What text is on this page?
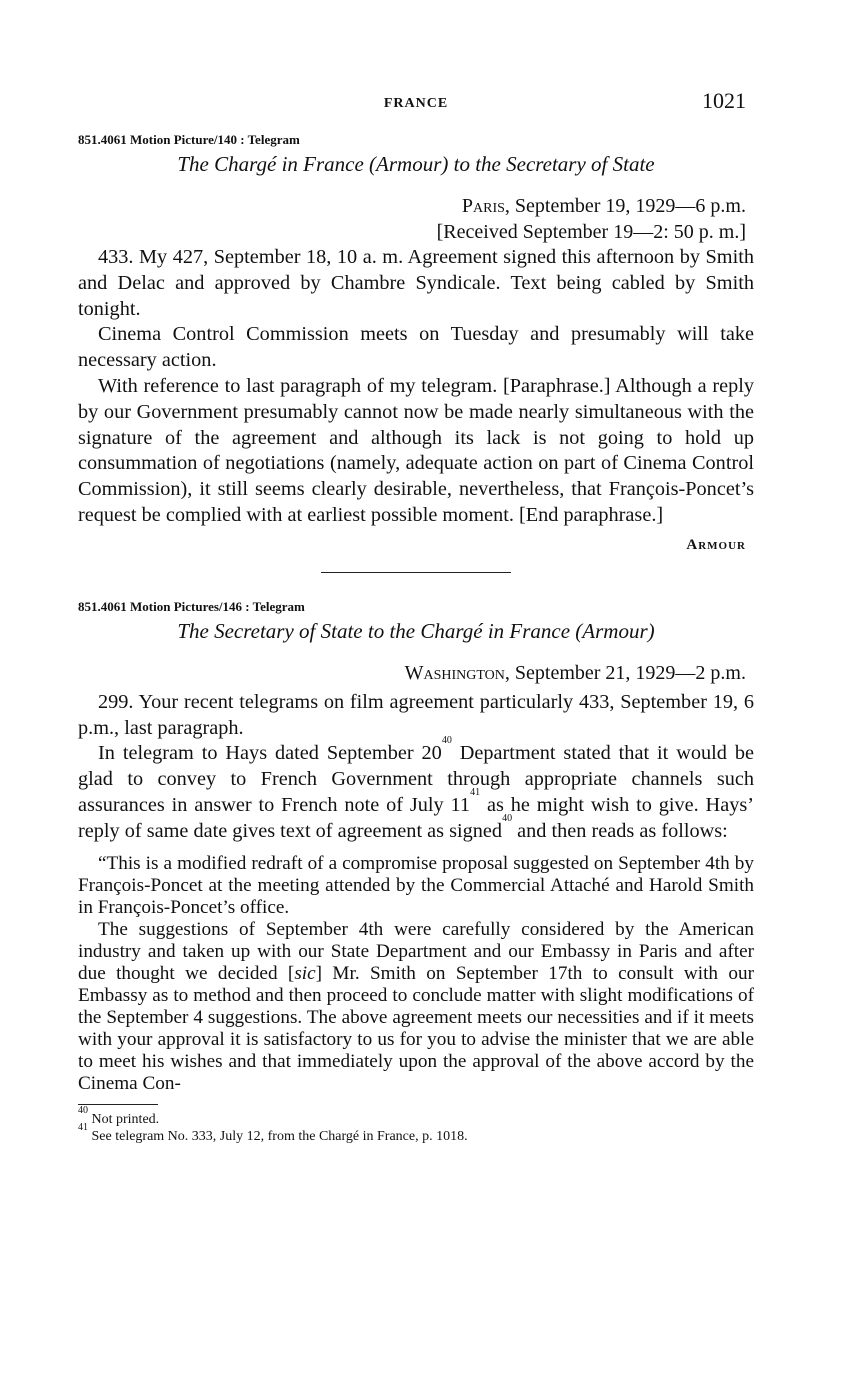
FRANCE	1021
851.4061 Motion Picture/140 : Telegram
The Chargé in France (Armour) to the Secretary of State

Paris, September 19, 1929—6 p.m.

[Received September 19—2: 50 p. m.]

433. My 427, September 18, 10 a. m. Agreement signed this afternoon by Smith and Delac and approved by Chambre Syndicale. Text being cabled by Smith tonight.

Cinema Control Commission meets on Tuesday and presumably will take necessary action.

With reference to last paragraph of my telegram. [Paraphrase.] Although a reply by our Government presumably cannot now be made nearly simultaneous with the signature of the agreement and although its lack is not going to hold up consummation of negotiations (namely, adequate action on part of Cinema Control Commission), it still seems clearly desirable, nevertheless, that François-Poncet’s request be complied with at earliest possible moment. [End paraphrase.]

Armour
851.4061 Motion Pictures/146 : Telegram
The Secretary of State to the Chargé in France (Armour)

Washington, September 21, 1929—2 p.m.

299. Your recent telegrams on film agreement particularly 433, September 19, 6 p.m., last paragraph.

In telegram to Hays dated September $20^{40}$ Department stated that it would be glad to convey to French Government through appropriate channels such assurances in answer to French note of July $11^{41}$ as he might wish to give. Hays’ reply of same date gives text of agreement as signed$^{40}$ and then reads as follows:

“This is a modified redraft of a compromise proposal suggested on September 4th by François-Poncet at the meeting attended by the Commercial Attaché and Harold Smith in François-Poncet’s office.

The suggestions of September 4th were carefully considered by the American industry and taken up with our State Department and our Embassy in Paris and after due thought we decided [sic] Mr. Smith on September 17th to consult with our Embassy as to method and then proceed to conclude matter with slight modifications of the September 4 suggestions. The above agreement meets our necessities and if it meets with your approval it is satisfactory to us for you to advise the minister that we are able to meet his wishes and that immediately upon the approval of the above accord by the Cinema Con-

$^{40}$ Not printed.
$^{41}$ See telegram No. 333, July 12, from the Chargé in France, p. 1018.
